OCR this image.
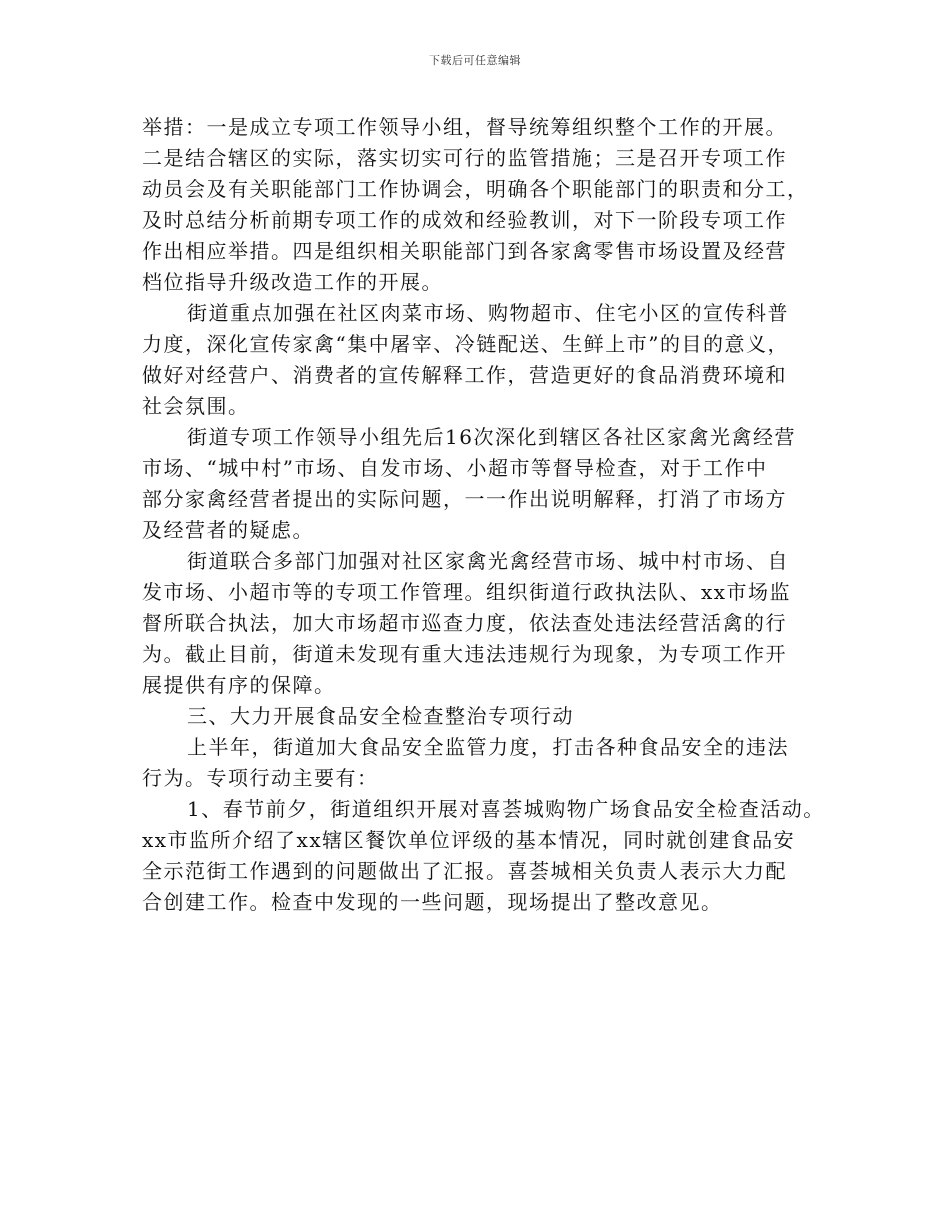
下载后可任意编辑
举措：一是成立专项工作领导小组，督导统筹组织整个工作的开展。
二是结合辖区的实际，落实切实可行的监管措施；三是召开专项工作
动员会及有关职能部门工作协调会，明确各个职能部门的职责和分工，
及时总结分析前期专项工作的成效和经验教训，对下一阶段专项工作
作出相应举措。四是组织相关职能部门到各家禽零售市场设置及经营
档位指导升级改造工作的开展。
街道重点加强在社区肉菜市场、购物超市、住宅小区的宣传科普
力度，深化宣传家禽“集中屠宰、冷链配送、生鲜上市”的目的意义，
做好对经营户、消费者的宣传解释工作，营造更好的食品消费环境和
社会氛围。
街道专项工作领导小组先后16次深化到辖区各社区家禽光禽经营
市场、“城中村”市场、自发市场、小超市等督导检查，对于工作中
部分家禽经营者提出的实际问题，一一作出说明解释，打消了市场方
及经营者的疑虑。
街道联合多部门加强对社区家禽光禽经营市场、城中村市场、自
发市场、小超市等的专项工作管理。组织街道行政执法队、xx市场监
督所联合执法，加大市场超市巡查力度，依法查处违法经营活禽的行
为。截止目前，街道未发现有重大违法违规行为现象，为专项工作开
展提供有序的保障。
三、大力开展食品安全检查整治专项行动
上半年，街道加大食品安全监管力度，打击各种食品安全的违法
行为。专项行动主要有：
1、春节前夕，街道组织开展对喜荟城购物广场食品安全检查活动。
xx市监所介绍了xx辖区餐饮单位评级的基本情况，同时就创建食品安
全示范街工作遇到的问题做出了汇报。喜荟城相关负责人表示大力配
合创建工作。检查中发现的一些问题，现场提出了整改意见。
